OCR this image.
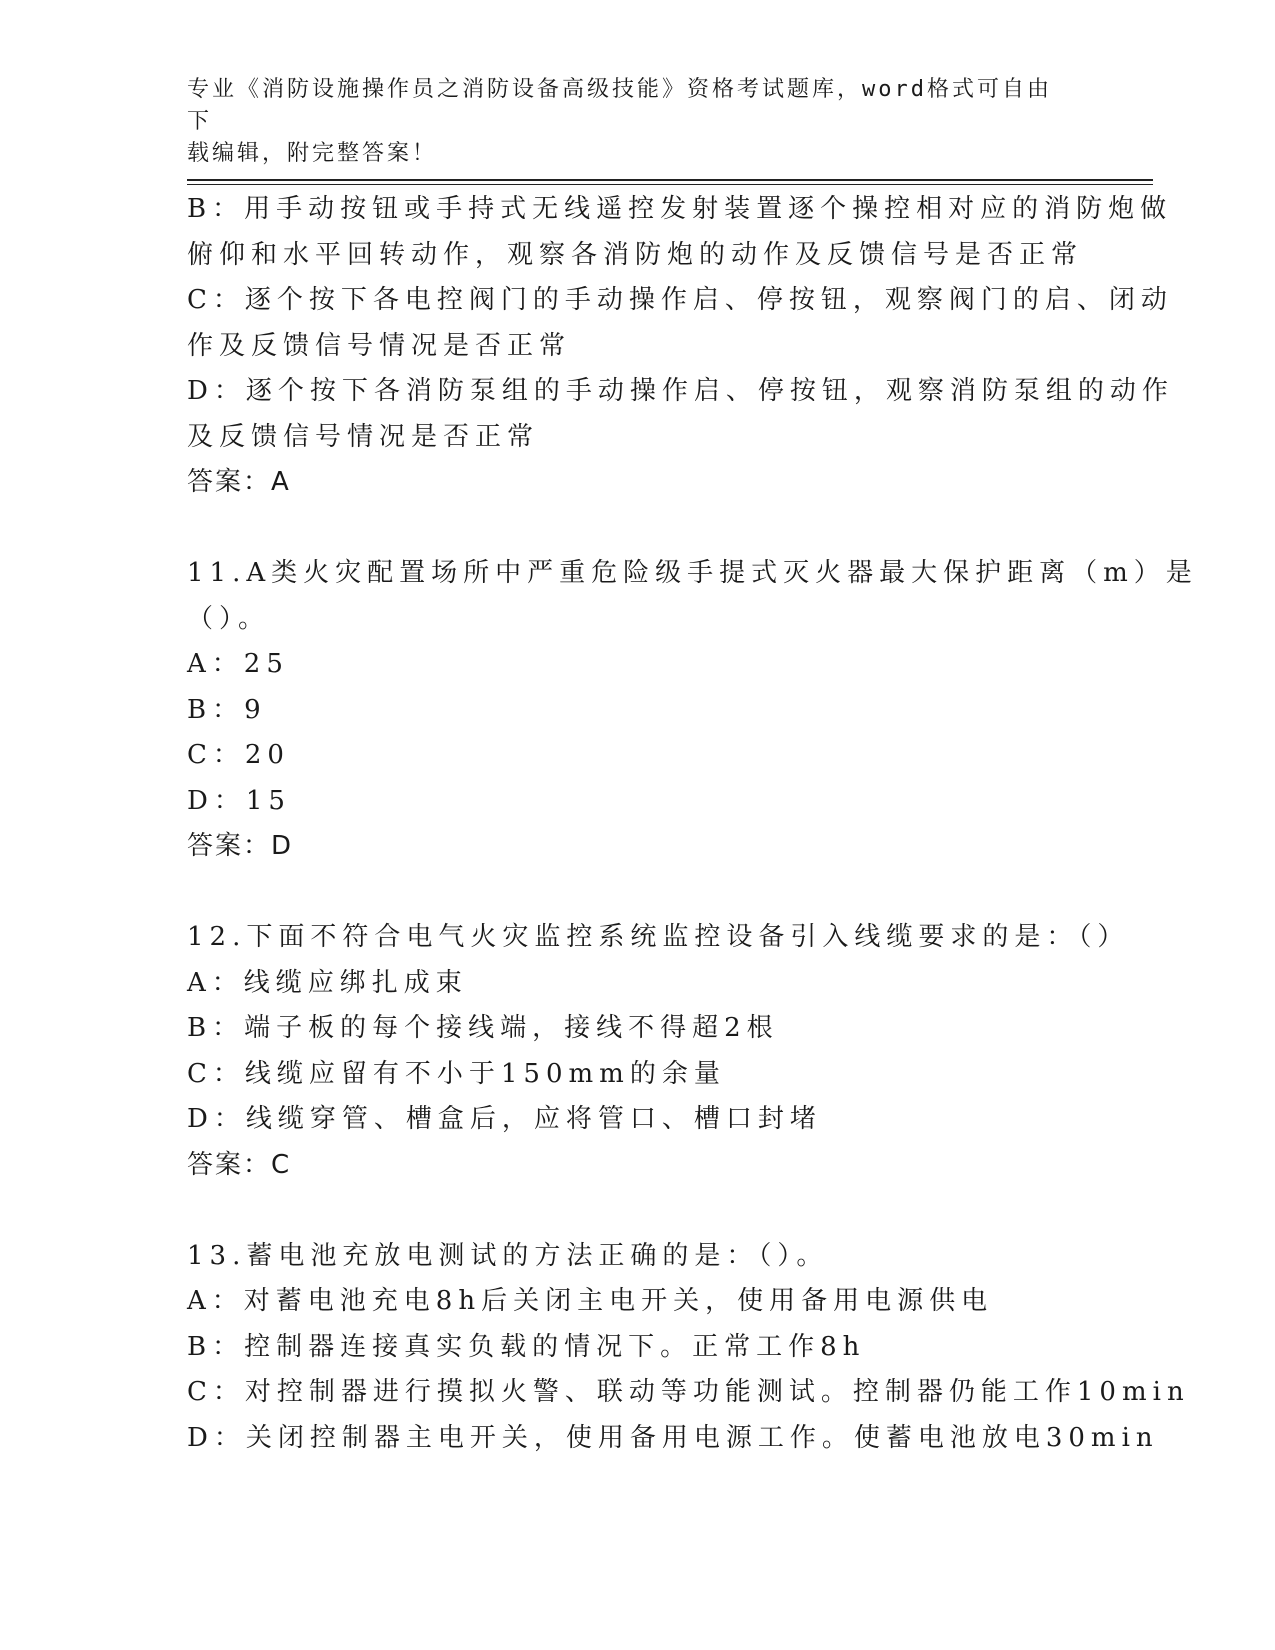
专业《消防设施操作员之消防设备高级技能》资格考试题库，word格式可自由下
载编辑，附完整答案！
B：用手动按钮或手持式无线遥控发射装置逐个操控相对应的消防炮做
俯仰和水平回转动作，观察各消防炮的动作及反馈信号是否正常
C：逐个按下各电控阀门的手动操作启、停按钮，观察阀门的启、闭动
作及反馈信号情况是否正常
D：逐个按下各消防泵组的手动操作启、停按钮，观察消防泵组的动作
及反馈信号情况是否正常
答案：A
11.A类火灾配置场所中严重危险级手提式灭火器最大保护距离（m）是
（）。
A：25
B：9
C：20
D：15
答案：D
12.下面不符合电气火灾监控系统监控设备引入线缆要求的是：（）
A：线缆应绑扎成束
B：端子板的每个接线端，接线不得超2根
C：线缆应留有不小于150mm的余量
D：线缆穿管、槽盒后，应将管口、槽口封堵
答案：C
13.蓄电池充放电测试的方法正确的是：（）。
A：对蓄电池充电8h后关闭主电开关，使用备用电源供电
B：控制器连接真实负载的情况下。正常工作8h
C：对控制器进行摸拟火警、联动等功能测试。控制器仍能工作10min
D：关闭控制器主电开关，使用备用电源工作。使蓄电池放电30min
